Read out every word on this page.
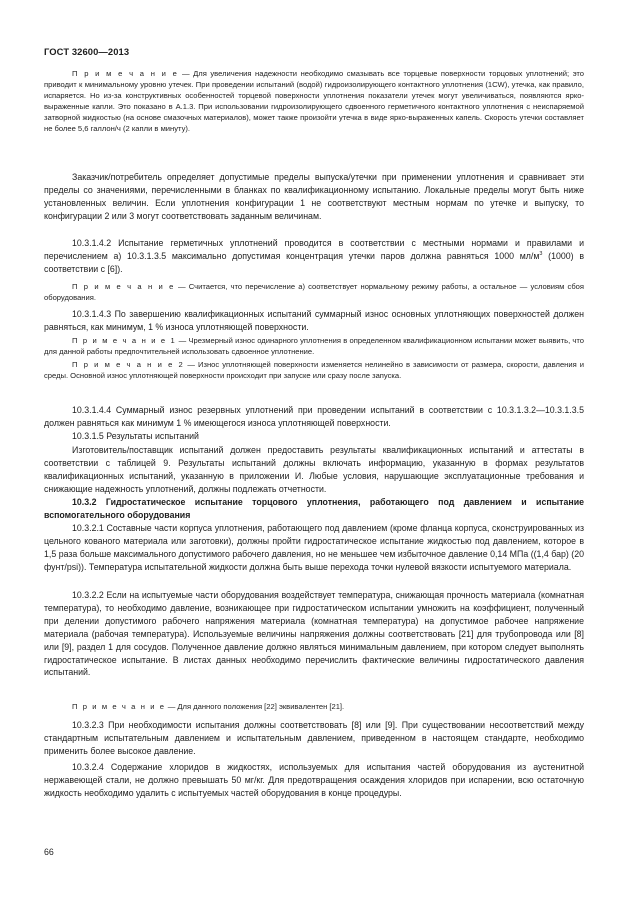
ГОСТ 32600—2013

П р и м е ч а н и е — Для увеличения надежности необходимо смазывать все торцевые поверхности торцовых уплотнений; это приводит к минимальному уровню утечек. При проведении испытаний (водой) гидроизолирующего контактного уплотнения (1CW), утечка, как правило, испаряется. Но из-за конструктивных особенностей торцевой поверхности уплотнения показатели утечек могут увеличиваться, появляются ярко-выраженные капли. Это показано в А.1.3. При использовании гидроизолирующего сдвоенного герметичного контактного уплотнения с неиспаряемой затворной жидкостью (на основе смазочных материалов), может также произойти утечка в виде ярко-выраженных капель. Скорость утечки составляет не более 5,6 галлон/ч (2 капли в минуту).

Заказчик/потребитель определяет допустимые пределы выпуска/утечки при применении уплотнения и сравнивает эти пределы со значениями, перечисленными в бланках по квалификационному испытанию. Локальные пределы могут быть ниже установленных величин. Если уплотнения конфигурации 1 не соответствуют местным нормам по утечке и выпуску, то конфигурации 2 или 3 могут соответствовать заданным величинам.

10.3.1.4.2 Испытание герметичных уплотнений проводится в соответствии с местными нормами и правилами и перечислением а) 10.3.1.3.5 максимально допустимая концентрация утечки паров должна равняться 1000 $мл/м^3$ (1000) в соответствии с [6]).

П р и м е ч а н и е — Считается, что перечисление а) соответствует нормальному режиму работы, а остальное — условиям сбоя оборудования.

10.3.1.4.3 По завершению квалификационных испытаний суммарный износ основных уплотняющих поверхностей должен равняться, как минимум, 1 % износа уплотняющей поверхности.

П р и м е ч а н и е 1 — Чрезмерный износ одинарного уплотнения в определенном квалификационном испытании может выявить, что для данной работы предпочтительней использовать сдвоенное уплотнение.

П р и м е ч а н и е 2 — Износ уплотняющей поверхности изменяется нелинейно в зависимости от размера, скорости, давления и среды. Основной износ уплотняющей поверхности происходит при запуске или сразу после запуска.

10.3.1.4.4 Суммарный износ резервных уплотнений при проведении испытаний в соответствии с 10.3.1.3.2—10.3.1.3.5 должен равняться как минимум 1 % имеющегося износа уплотняющей поверхности.

10.3.1.5 Результаты испытаний

Изготовитель/поставщик испытаний должен предоставить результаты квалификационных испытаний и аттестаты в соответствии с таблицей 9. Результаты испытаний должны включать информацию, указанную в формах результатов квалификационных испытаний, указанную в приложении И. Любые условия, нарушающие эксплуатационные требования и снижающие надежность уплотнений, должны подлежать отчетности.

10.3.2 Гидростатическое испытание торцового уплотнения, работающего под давлением и испытание вспомогательного оборудования

10.3.2.1 Составные части корпуса уплотнения, работающего под давлением (кроме фланца корпуса, сконструированных из цельного кованого материала или заготовки), должны пройти гидростатическое испытание жидкостью под давлением, которое в 1,5 раза больше максимального допустимого рабочего давления, но не меньшее чем избыточное давление 0,14 МПа ((1,4 бар) (20 фунт/psi)). Температура испытательной жидкости должна быть выше перехода точки нулевой вязкости испытуемого материала.

10.3.2.2 Если на испытуемые части оборудования воздействует температура, снижающая прочность материала (комнатная температура), то необходимо давление, возникающее при гидростатическом испытании умножить на коэффициент, полученный при делении допустимого рабочего напряжения материала (комнатная температура) на допустимое рабочее напряжение материала (рабочая температура). Используемые величины напряжения должны соответствовать [21] для трубопровода или [8] или [9], раздел 1 для сосудов. Полученное давление должно являться минимальным давлением, при котором следует выполнять гидростатическое испытание. В листах данных необходимо перечислить фактические величины гидростатического давления испытаний.

П р и м е ч а н и е — Для данного положения [22] эквивалентен [21].

10.3.2.3 При необходимости испытания должны соответствовать [8] или [9]. При существовании несоответствий между стандартным испытательным давлением и испытательным давлением, приведенном в настоящем стандарте, необходимо применить более высокое давление.

10.3.2.4 Содержание хлоридов в жидкостях, используемых для испытания частей оборудования из аустенитной нержавеющей стали, не должно превышать 50 мг/кг. Для предотвращения осаждения хлоридов при испарении, всю остаточную жидкость необходимо удалить с испытуемых частей оборудования в конце процедуры.

66
